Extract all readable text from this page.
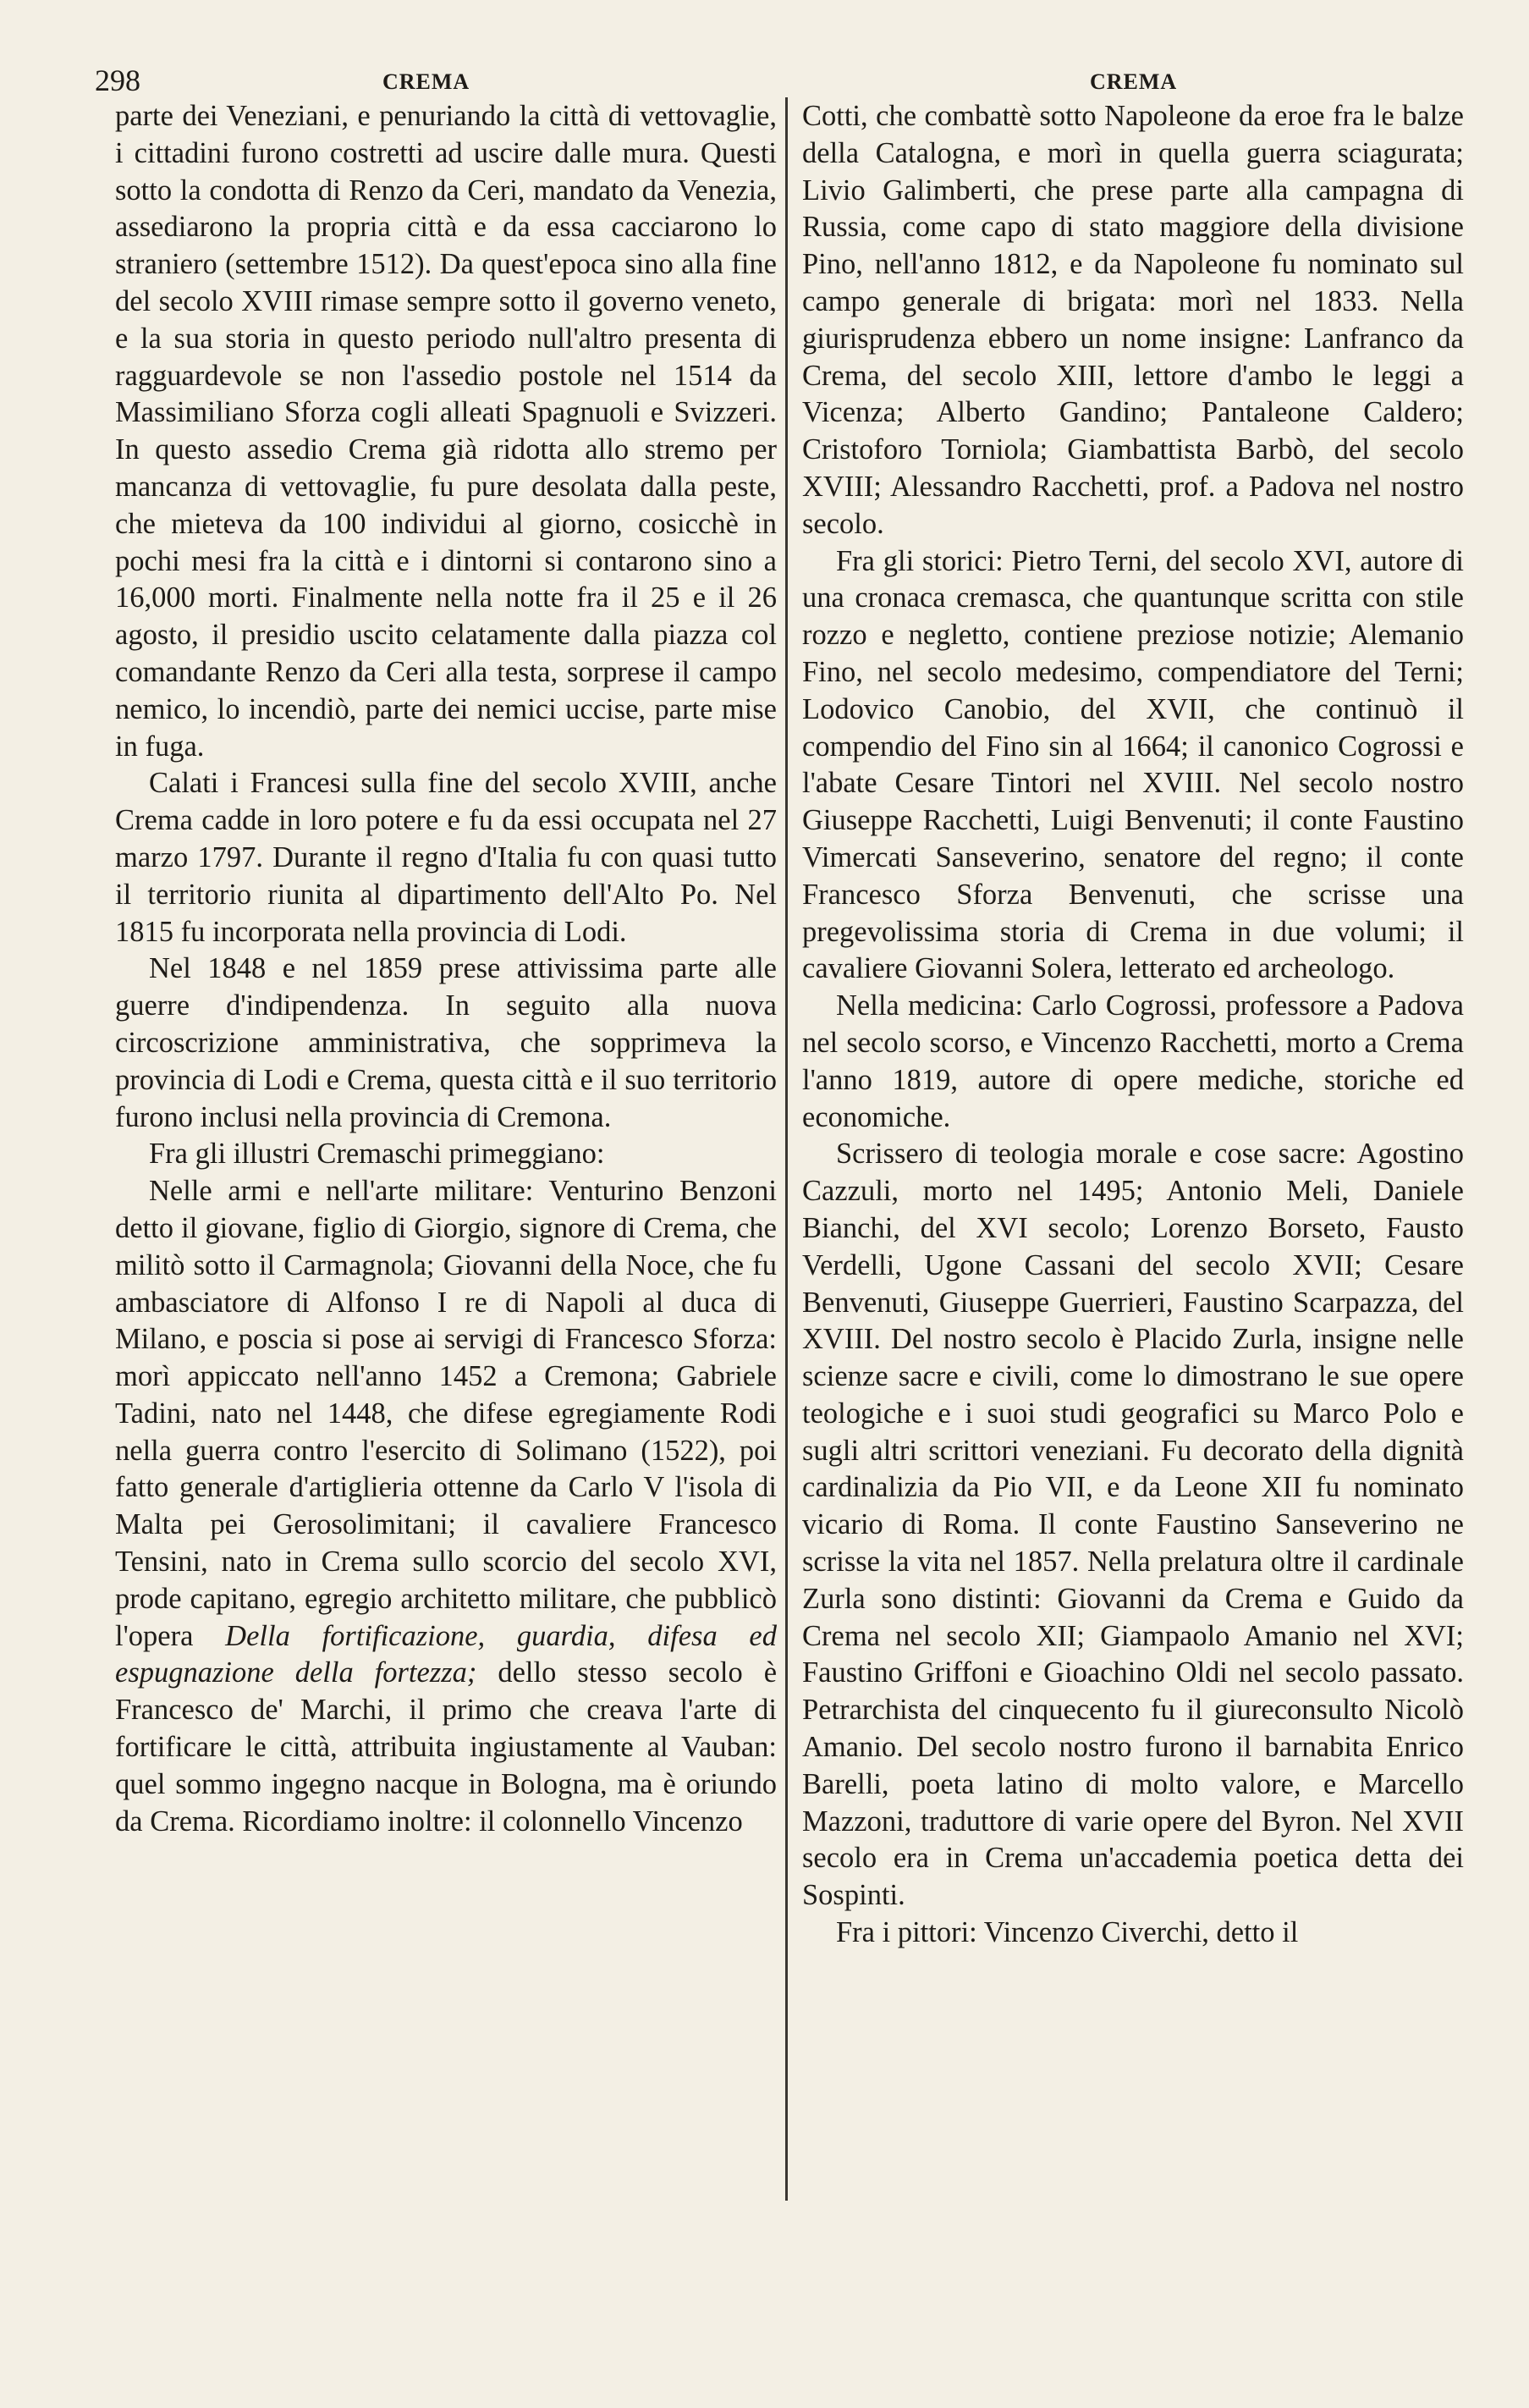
298	CREMA	CREMA

parte dei Veneziani, e penuriando la città di vettovaglie, i cittadini furono costretti ad uscire dalle mura. Questi sotto la condotta di Renzo da Ceri, mandato da Venezia, assediarono la propria città e da essa cacciarono lo straniero (settembre 1512). Da quest'epoca sino alla fine del secolo XVIII rimase sempre sotto il governo veneto, e la sua storia in questo periodo null'altro presenta di ragguardevole se non l'assedio postole nel 1514 da Massimiliano Sforza cogli alleati Spagnuoli e Svizzeri. In questo assedio Crema già ridotta allo stremo per mancanza di vettovaglie, fu pure desolata dalla peste, che mieteva da 100 individui al giorno, cosicchè in pochi mesi fra la città e i dintorni si contarono sino a 16,000 morti. Finalmente nella notte fra il 25 e il 26 agosto, il presidio uscito celatamente dalla piazza col comandante Renzo da Ceri alla testa, sorprese il campo nemico, lo incendiò, parte dei nemici uccise, parte mise in fuga.

Calati i Francesi sulla fine del secolo XVIII, anche Crema cadde in loro potere e fu da essi occupata nel 27 marzo 1797. Durante il regno d'Italia fu con quasi tutto il territorio riunita al dipartimento dell'Alto Po. Nel 1815 fu incorporata nella provincia di Lodi.

Nel 1848 e nel 1859 prese attivissima parte alle guerre d'indipendenza. In seguito alla nuova circoscrizione amministrativa, che sopprimeva la provincia di Lodi e Crema, questa città e il suo territorio furono inclusi nella provincia di Cremona.

Fra gli illustri Cremaschi primeggiano:

Nelle armi e nell'arte militare: Venturino Benzoni detto il giovane, figlio di Giorgio, signore di Crema, che militò sotto il Carmagnola; Giovanni della Noce, che fu ambasciatore di Alfonso I re di Napoli al duca di Milano, e poscia si pose ai servigi di Francesco Sforza: morì appiccato nell'anno 1452 a Cremona; Gabriele Tadini, nato nel 1448, che difese egregiamente Rodi nella guerra contro l'esercito di Solimano (1522), poi fatto generale d'artiglieria ottenne da Carlo V l'isola di Malta pei Gerosolimitani; il cavaliere Francesco Tensini, nato in Crema sullo scorcio del secolo XVI, prode capitano, egregio architetto militare, che pubblicò l'opera Della fortificazione, guardia, difesa ed espugnazione della fortezza; dello stesso secolo è Francesco de' Marchi, il primo che creava l'arte di fortificare le città, attribuita ingiustamente al Vauban: quel sommo ingegno nacque in Bologna, ma è oriundo da Crema. Ricordiamo inoltre: il colonnello Vincenzo

Cotti, che combattè sotto Napoleone da eroe fra le balze della Catalogna, e morì in quella guerra sciagurata; Livio Galimberti, che prese parte alla campagna di Russia, come capo di stato maggiore della divisione Pino, nell'anno 1812, e da Napoleone fu nominato sul campo generale di brigata: morì nel 1833. Nella giurisprudenza ebbero un nome insigne: Lanfranco da Crema, del secolo XIII, lettore d'ambo le leggi a Vicenza; Alberto Gandino; Pantaleone Caldero; Cristoforo Torniola; Giambattista Barbò, del secolo XVIII; Alessandro Racchetti, prof. a Padova nel nostro secolo.

Fra gli storici: Pietro Terni, del secolo XVI, autore di una cronaca cremasca, che quantunque scritta con stile rozzo e negletto, contiene preziose notizie; Alemanio Fino, nel secolo medesimo, compendiatore del Terni; Lodovico Canobio, del XVII, che continuò il compendio del Fino sin al 1664; il canonico Cogrossi e l'abate Cesare Tintori nel XVIII. Nel secolo nostro Giuseppe Racchetti, Luigi Benvenuti; il conte Faustino Vimercati Sanseverino, senatore del regno; il conte Francesco Sforza Benvenuti, che scrisse una pregevolissima storia di Crema in due volumi; il cavaliere Giovanni Solera, letterato ed archeologo.

Nella medicina: Carlo Cogrossi, professore a Padova nel secolo scorso, e Vincenzo Racchetti, morto a Crema l'anno 1819, autore di opere mediche, storiche ed economiche.

Scrissero di teologia morale e cose sacre: Agostino Cazzuli, morto nel 1495; Antonio Meli, Daniele Bianchi, del XVI secolo; Lorenzo Borseto, Fausto Verdelli, Ugone Cassani del secolo XVII; Cesare Benvenuti, Giuseppe Guerrieri, Faustino Scarpazza, del XVIII. Del nostro secolo è Placido Zurla, insigne nelle scienze sacre e civili, come lo dimostrano le sue opere teologiche e i suoi studi geografici su Marco Polo e sugli altri scrittori veneziani. Fu decorato della dignità cardinalizia da Pio VII, e da Leone XII fu nominato vicario di Roma. Il conte Faustino Sanseverino ne scrisse la vita nel 1857. Nella prelatura oltre il cardinale Zurla sono distinti: Giovanni da Crema e Guido da Crema nel secolo XII; Giampaolo Amanio nel XVI; Faustino Griffoni e Gioachino Oldi nel secolo passato. Petrarchista del cinquecento fu il giureconsulto Nicolò Amanio. Del secolo nostro furono il barnabita Enrico Barelli, poeta latino di molto valore, e Marcello Mazzoni, traduttore di varie opere del Byron. Nel XVII secolo era in Crema un'accademia poetica detta dei Sospinti.

Fra i pittori: Vincenzo Civerchi, detto il
